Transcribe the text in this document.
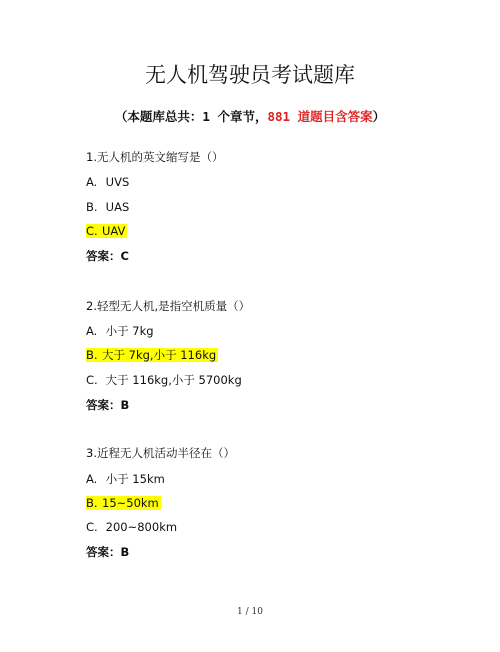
无人机驾驶员考试题库
（本题库总共：1 个章节，881 道题目含答案）
1.无人机的英文缩写是（）
A. UVS
B. UAS
C. UAV
答案：C
2.轻型无人机,是指空机质量（）
A. 小于 7kg
B. 大于 7kg,小于 116kg
C. 大于 116kg,小于 5700kg
答案：B
3.近程无人机活动半径在（）
A. 小于 15km
B. 15~50km
C. 200~800km
答案：B
1 / 10
